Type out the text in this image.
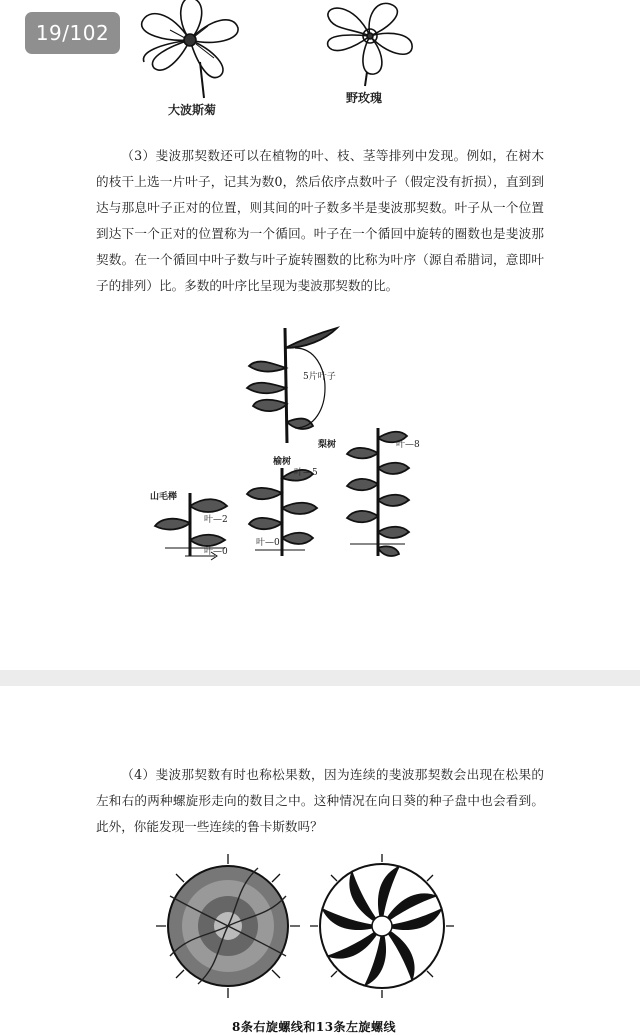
19/102
大波斯菊
野玫瑰

（3）斐波那契数还可以在植物的叶、枝、茎等排列中发现。例如，在树木的枝干上选一片叶子，记其为数0，然后依序点数叶子（假定没有折损），直到到达与那息叶子正对的位置，则其间的叶子数多半是斐波那契数。叶子从一个位置到达下一个正对的位置称为一个循回。叶子在一个循回中旋转的圈数也是斐波那契数。在一个循回中叶子数与叶子旋转圈数的比称为叶序（源自希腊词，意即叶子的排列）比。多数的叶序比呈现为斐波那契数的比。

5片叶子
梨树
榆树
山毛榉
叶—2
叶—0
叶—5
叶—0
叶—8

（4）斐波那契数有时也称松果数，因为连续的斐波那契数会出现在松果的左和右的两种螺旋形走向的数目之中。这种情况在向日葵的种子盘中也会看到。此外，你能发现一些连续的鲁卡斯数吗？

8条右旋螺线和13条左旋螺线
